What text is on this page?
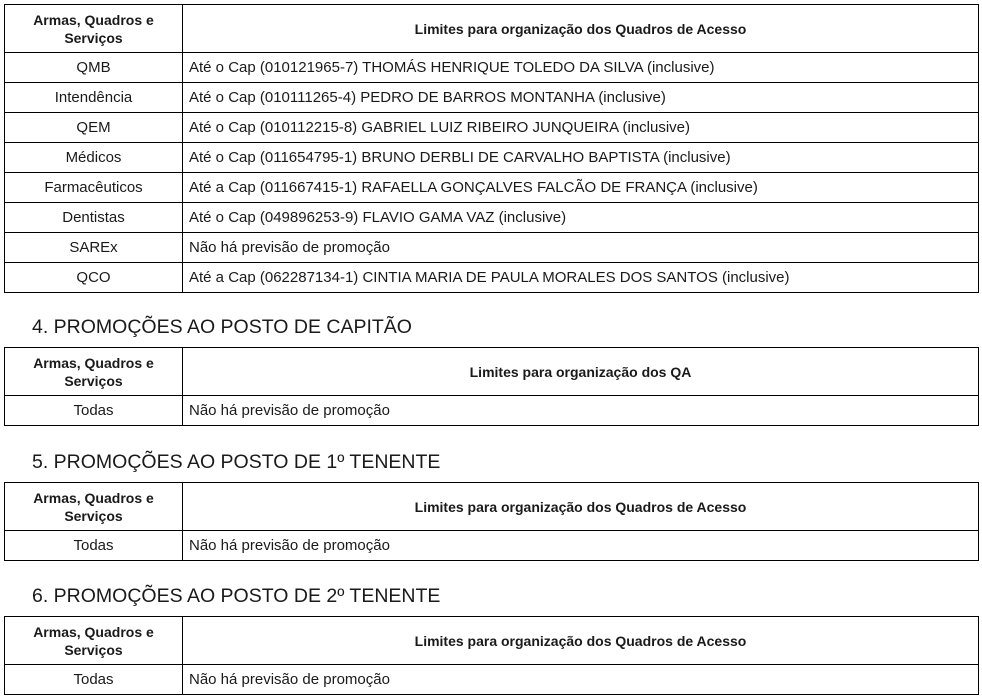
Armas, Quadros e Serviços	Limites para organização dos Quadros de Acesso
QMB	Até o Cap (010121965-7) THOMÁS HENRIQUE TOLEDO DA SILVA (inclusive)
Intendência	Até o Cap (010111265-4) PEDRO DE BARROS MONTANHA (inclusive)
QEM	Até o Cap (010112215-8) GABRIEL LUIZ RIBEIRO JUNQUEIRA (inclusive)
Médicos	Até o Cap (011654795-1) BRUNO DERBLI DE CARVALHO BAPTISTA (inclusive)
Farmacêuticos	Até a Cap (011667415-1) RAFAELLA GONÇALVES FALCÃO DE FRANÇA (inclusive)
Dentistas	Até o Cap (049896253-9) FLAVIO GAMA VAZ (inclusive)
SAREx	Não há previsão de promoção
QCO	Até a Cap (062287134-1) CINTIA MARIA DE PAULA MORALES DOS SANTOS (inclusive)
4. PROMOÇÕES AO POSTO DE CAPITÃO
Armas, Quadros e Serviços	Limites para organização dos QA
Todas	Não há previsão de promoção
5. PROMOÇÕES AO POSTO DE 1º TENENTE
Armas, Quadros e Serviços	Limites para organização dos Quadros de Acesso
Todas	Não há previsão de promoção
6. PROMOÇÕES AO POSTO DE 2º TENENTE
Armas, Quadros e Serviços	Limites para organização dos Quadros de Acesso
Todas	Não há previsão de promoção
